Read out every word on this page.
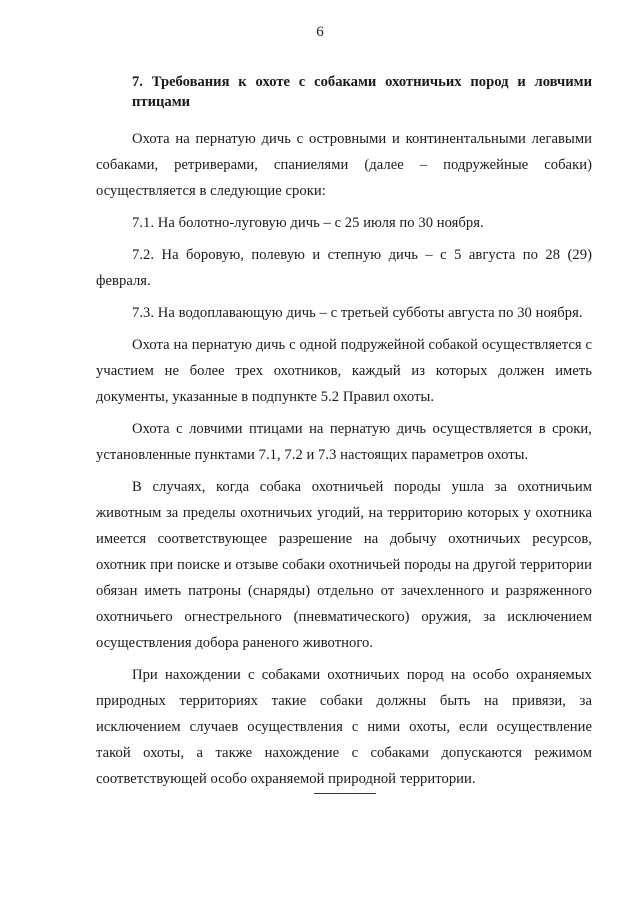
6

7. Требования к охоте с собаками охотничьих пород и ловчими птицами

Охота на пернатую дичь с островными и континентальными легавыми собаками, ретриверами, спаниелями (далее – подружейные собаки) осуществляется в следующие сроки:

7.1. На болотно-луговую дичь – с 25 июля по 30 ноября.

7.2. На боровую, полевую и степную дичь – с 5 августа по 28 (29) февраля.

7.3. На водоплавающую дичь – с третьей субботы августа по 30 ноября.

Охота на пернатую дичь с одной подружейной собакой осуществляется с участием не более трех охотников, каждый из которых должен иметь документы, указанные в подпункте 5.2 Правил охоты.

Охота с ловчими птицами на пернатую дичь осуществляется в сроки, установленные пунктами 7.1, 7.2 и 7.3 настоящих параметров охоты.

В случаях, когда собака охотничьей породы ушла за охотничьим животным за пределы охотничьих угодий, на территорию которых у охотника имеется соответствующее разрешение на добычу охотничьих ресурсов, охотник при поиске и отзыве собаки охотничьей породы на другой территории обязан иметь патроны (снаряды) отдельно от зачехленного и разряженного охотничьего огнестрельного (пневматического) оружия, за исключением осуществления добора раненого животного.

При нахождении с собаками охотничьих пород на особо охраняемых природных территориях такие собаки должны быть на привязи, за исключением случаев осуществления с ними охоты, если осуществление такой охоты, а также нахождение с собаками допускаются режимом соответствующей особо охраняемой природной территории.
